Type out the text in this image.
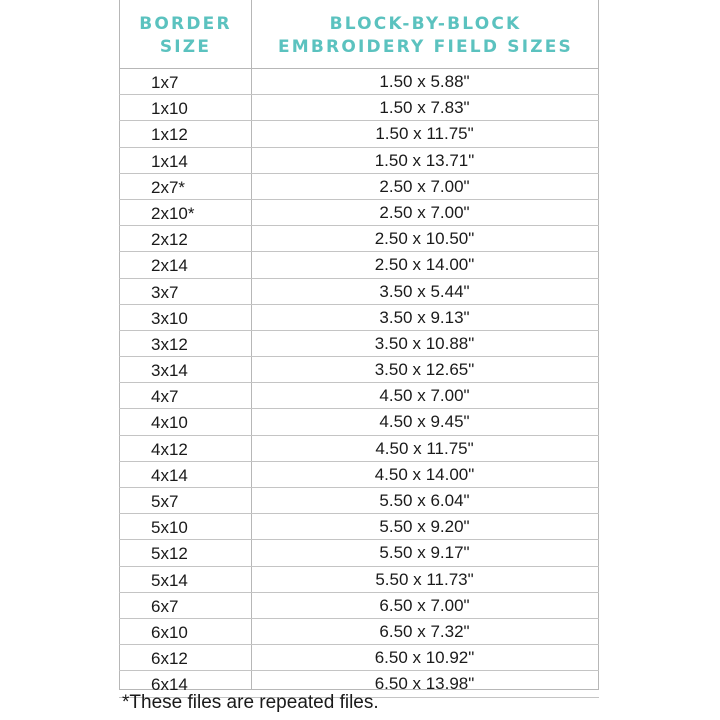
BORDER
SIZE
BLOCK-BY-BLOCK
EMBROIDERY FIELD SIZES
1x7	1.50 x 5.88"
1x10	1.50 x 7.83"
1x12	1.50 x 11.75"
1x14	1.50 x 13.71"
2x7*	2.50 x 7.00"
2x10*	2.50 x 7.00"
2x12	2.50 x 10.50"
2x14	2.50 x 14.00"
3x7	3.50 x 5.44"
3x10	3.50 x 9.13"
3x12	3.50 x 10.88"
3x14	3.50 x 12.65"
4x7	4.50 x 7.00"
4x10	4.50 x 9.45"
4x12	4.50 x 11.75"
4x14	4.50 x 14.00"
5x7	5.50 x 6.04"
5x10	5.50 x 9.20"
5x12	5.50 x 9.17"
5x14	5.50 x 11.73"
6x7	6.50 x 7.00"
6x10	6.50 x 7.32"
6x12	6.50 x 10.92"
6x14	6.50 x 13.98"
*These files are repeated files.
